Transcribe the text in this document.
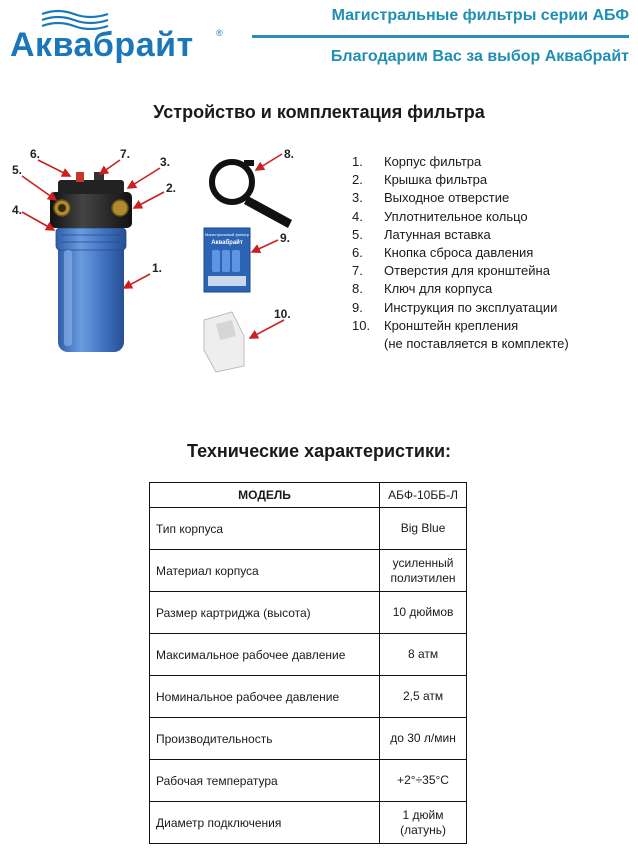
Аквабрайт ®
Магистральные фильтры серии АБФ
Благодарим Вас за выбор Аквабрайт
Устройство и комплектация фильтра
Магистральный фильтр
Аквабрайт
1.
2.
3.
4.
5.
6.	7.	8.
9.
10.
1.	Корпус фильтра
2.	Крышка фильтра
3.	Выходное отверстие
4.	Уплотнительное кольцо
5.	Латунная вставка
6.	Кнопка сброса давления
7.	Отверстия для кронштейна
8.	Ключ для корпуса
9.	Инструкция по эксплуатации
10.	Кронштейн крепления
(не поставляется в комплекте)
Технические характеристики:
МОДЕЛЬ	АБФ-10ББ-Л
Тип корпуса	Big Blue
Материал корпуса	усиленный полиэтилен
Размер картриджа (высота)	10 дюймов
Максимальное рабочее давление	8 атм
Номинальное рабочее давление	2,5 атм
Производительность	до 30 л/мин
Рабочая температура	+2°÷35°С
Диаметр подключения	1 дюйм (латунь)
